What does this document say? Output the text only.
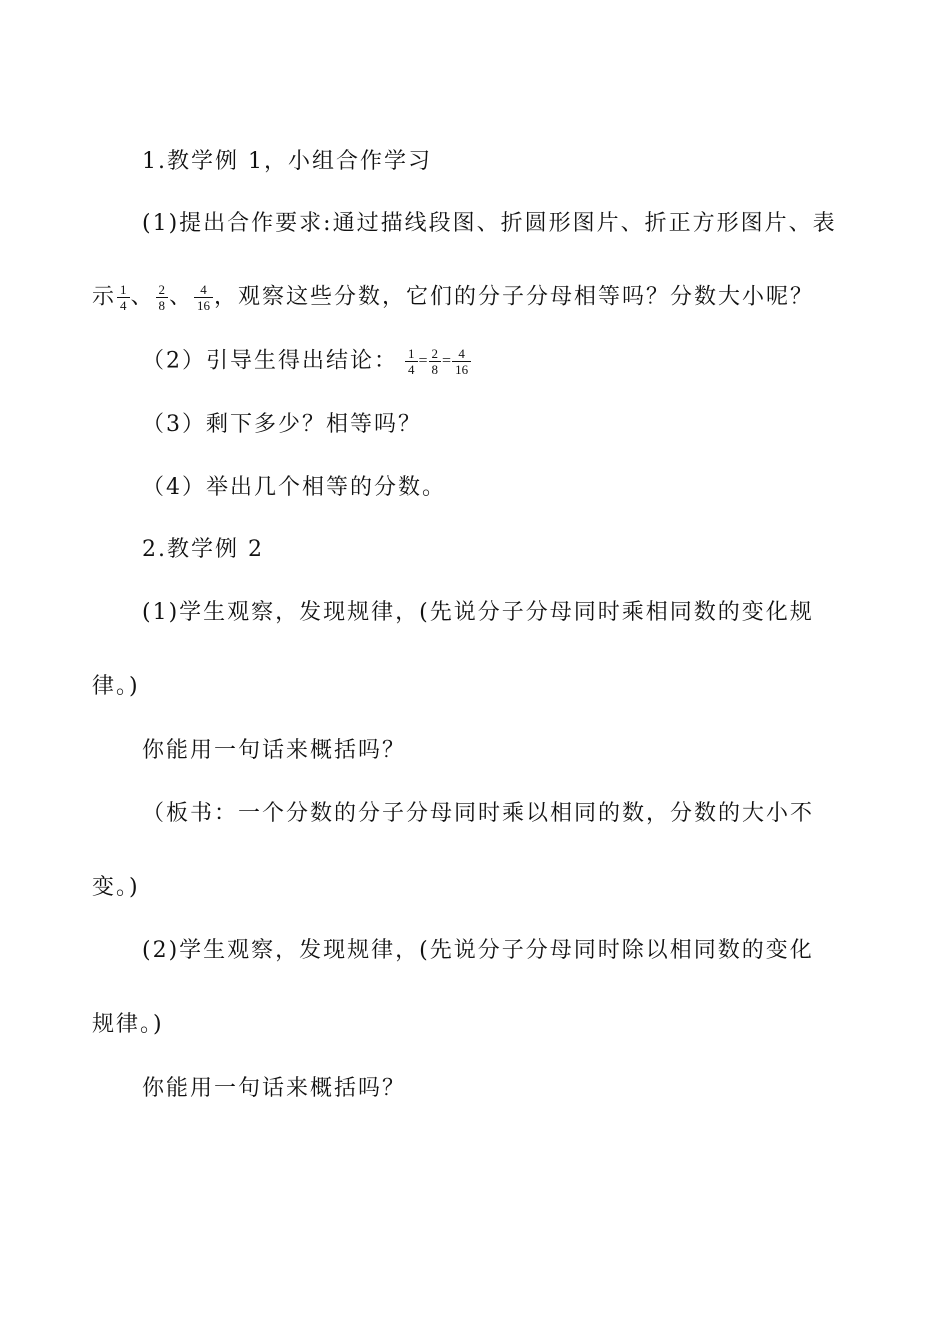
1.教学例 1，小组合作学习
(1)提出合作要求:通过描线段图、折圆形图片、折正方形图片、表
示 $\frac{1}{4}$ 、 $\frac{2}{8}$ 、 $\frac{4}{16}$ ，观察这些分数，它们的分子分母相等吗？分数大小呢？
（2）引导生得出结论： $\frac{1}{4} = \frac{2}{8} = \frac{4}{16}$
（3）剩下多少？相等吗？
（4）举出几个相等的分数。
2.教学例 2
(1)学生观察，发现规律，(先说分子分母同时乘相同数的变化规
律。)
你能用一句话来概括吗？
（板书：一个分数的分子分母同时乘以相同的数，分数的大小不
变。)
(2)学生观察，发现规律，(先说分子分母同时除以相同数的变化
规律。)
你能用一句话来概括吗？
